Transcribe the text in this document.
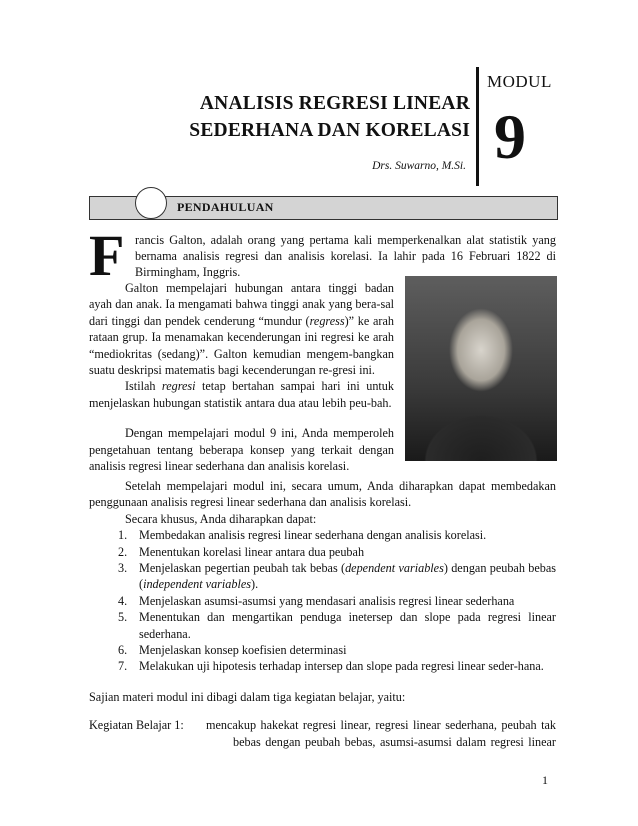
ANALISIS REGRESI LINEAR
SEDERHANA DAN KORELASI
Drs. Suwarno, M.Si.
MODUL
9
PENDAHULUAN
F rancis Galton, adalah orang yang pertama kali memperkenalkan alat statistik yang
bernama analisis regresi dan analisis korelasi. Ia lahir pada 16 Februari 1822 di
Birmingham, Inggris.
Galton mempelajari hubungan antara tinggi badan ayah dan anak. Ia mengamati bahwa tinggi anak yang bera-sal dari tinggi dan pendek cenderung “mundur (regress)” ke arah rataan grup. Ia menamakan kecenderungan ini regresi ke arah “mediokritas (sedang)”. Galton kemudian mengem-bangkan suatu deskripsi matematis bagi kecenderungan re-gresi ini.
Istilah regresi tetap bertahan sampai hari ini untuk menjelaskan hubungan statistik antara dua atau lebih peu-bah.
Dengan mempelajari modul 9 ini, Anda memperoleh pengetahuan tentang beberapa konsep yang terkait dengan analisis regresi linear sederhana dan analisis korelasi.
Setelah mempelajari modul ini, secara umum, Anda diharapkan dapat membedakan penggunaan analisis regresi linear sederhana dan analisis korelasi.
Secara khusus, Anda diharapkan dapat:
1. Membedakan analisis regresi linear sederhana dengan analisis korelasi.
2. Menentukan korelasi linear antara dua peubah
3. Menjelaskan pegertian peubah tak bebas (dependent variables) dengan peubah bebas (independent variables).
4. Menjelaskan asumsi-asumsi yang mendasari analisis regresi linear sederhana
5. Menentukan dan mengartikan penduga inetersep dan slope pada regresi linear sederhana.
6. Menjelaskan konsep koefisien determinasi
7. Melakukan uji hipotesis terhadap intersep dan slope pada regresi linear seder-hana.
Sajian materi modul ini dibagi dalam tiga kegiatan belajar, yaitu:
Kegiatan Belajar 1: mencakup hakekat regresi linear, regresi linear sederhana, peubah tak
bebas dengan peubah bebas, asumsi-asumsi dalam regresi linear
1
